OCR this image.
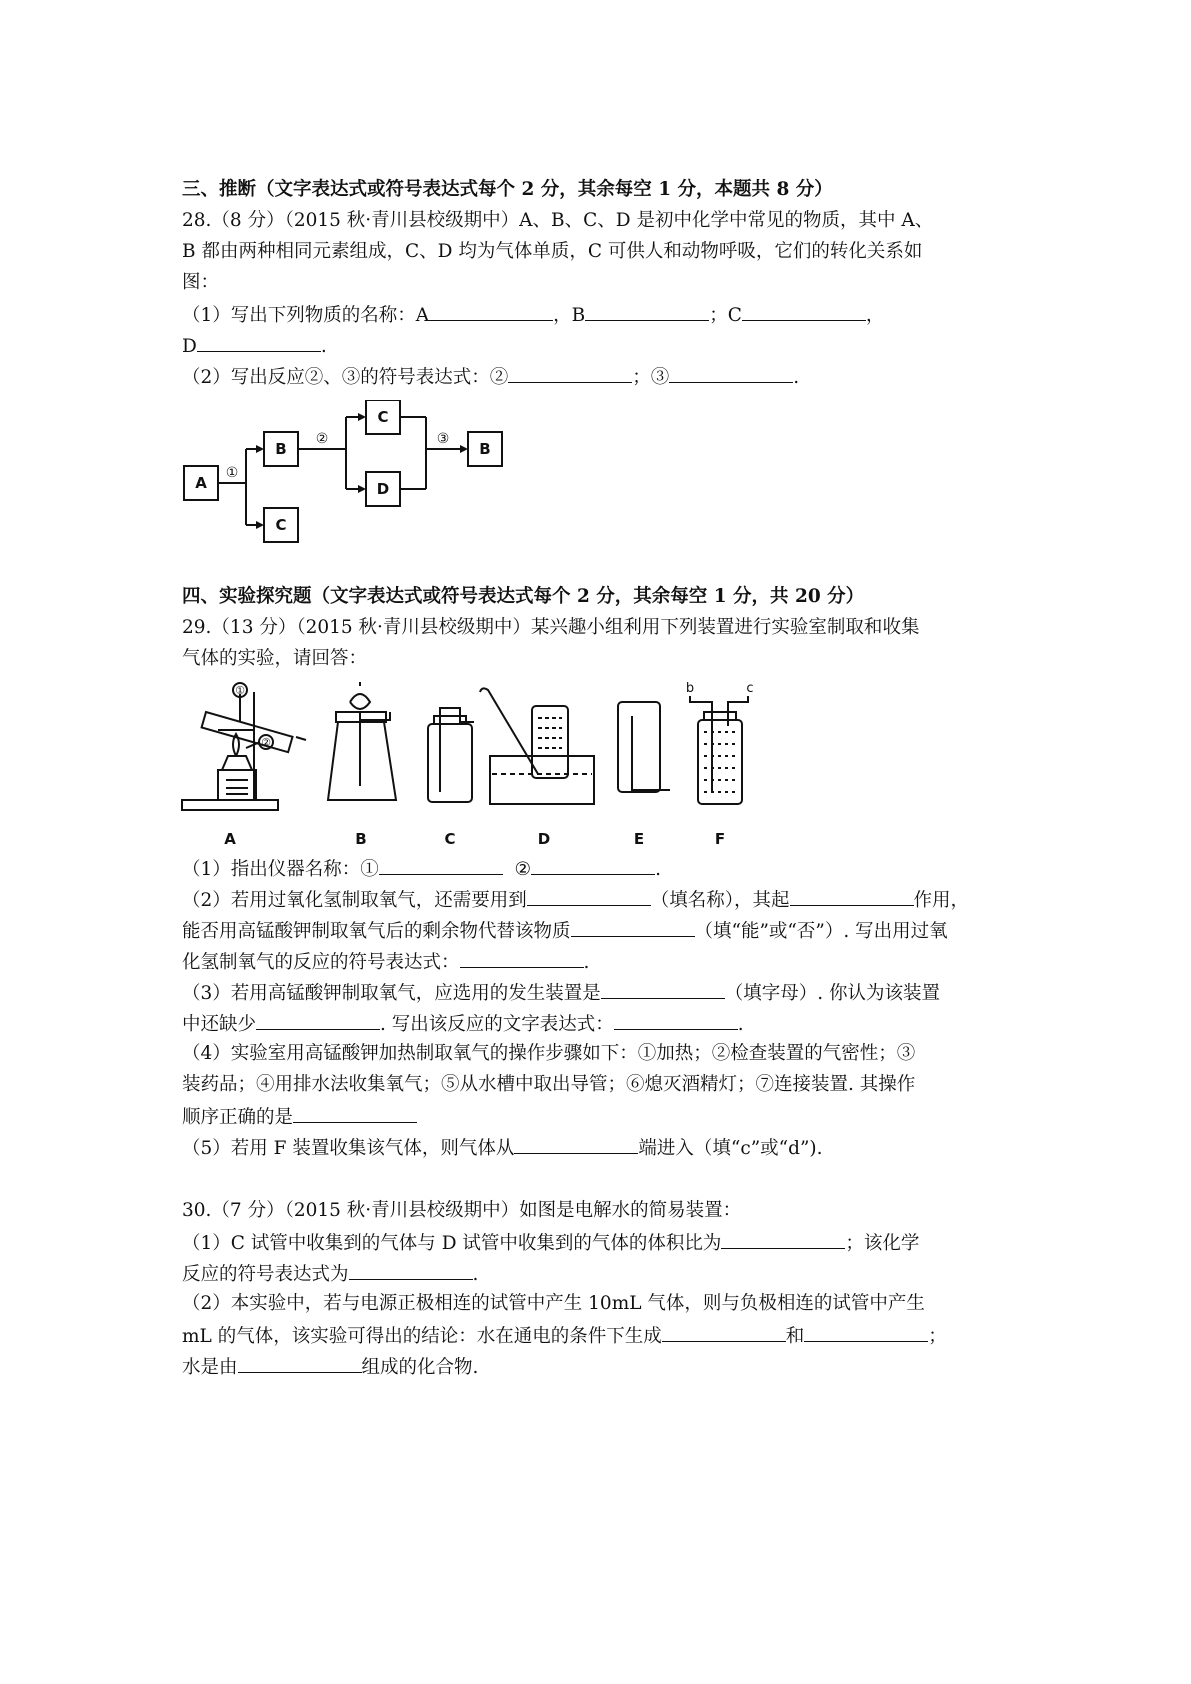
三、推断（文字表达式或符号表达式每个 2 分，其余每空 1 分，本题共 8 分）
28.（8 分）（2015 秋·青川县校级期中）A、B、C、D 是初中化学中常见的物质，其中 A、
B 都由两种相同元素组成，C、D 均为气体单质，C 可供人和动物呼吸，它们的转化关系如
图：
（1）写出下列物质的名称：A	，B	；C	，
D	.
（2）写出反应②、③的符号表达式：②	；③	.
A
B
C
C
D
B
①
②	③
四、实验探究题（文字表达式或符号表达式每个 2 分，其余每空 1 分，共 20 分）
29.（13 分）（2015 秋·青川县校级期中）某兴趣小组利用下列装置进行实验室制取和收集
气体的实验，请回答：
A	B	C	D	E	F
①
②
b	c
（1）指出仪器名称：①	②	.
（2）若用过氧化氢制取氧气，还需要用到	（填名称），其起	作用，
能否用高锰酸钾制取氧气后的剩余物代替该物质	（填“能”或“否”）. 写出用过氧
化氢制氧气的反应的符号表达式：	.
（3）若用高锰酸钾制取氧气，应选用的发生装置是	（填字母）. 你认为该装置
中还缺少	. 写出该反应的文字表达式：	.
（4）实验室用高锰酸钾加热制取氧气的操作步骤如下：①加热；②检查装置的气密性；③
装药品；④用排水法收集氧气；⑤从水槽中取出导管；⑥熄灭酒精灯；⑦连接装置. 其操作
顺序正确的是
（5）若用 F 装置收集该气体，则气体从	端进入（填“c”或“d”).
30.（7 分）（2015 秋·青川县校级期中）如图是电解水的简易装置：
（1）C 试管中收集到的气体与 D 试管中收集到的气体的体积比为	；该化学
反应的符号表达式为	.
（2）本实验中，若与电源正极相连的试管中产生 10mL 气体，则与负极相连的试管中产生
mL 的气体，该实验可得出的结论：水在通电的条件下生成	和	；
水是由	组成的化合物.
